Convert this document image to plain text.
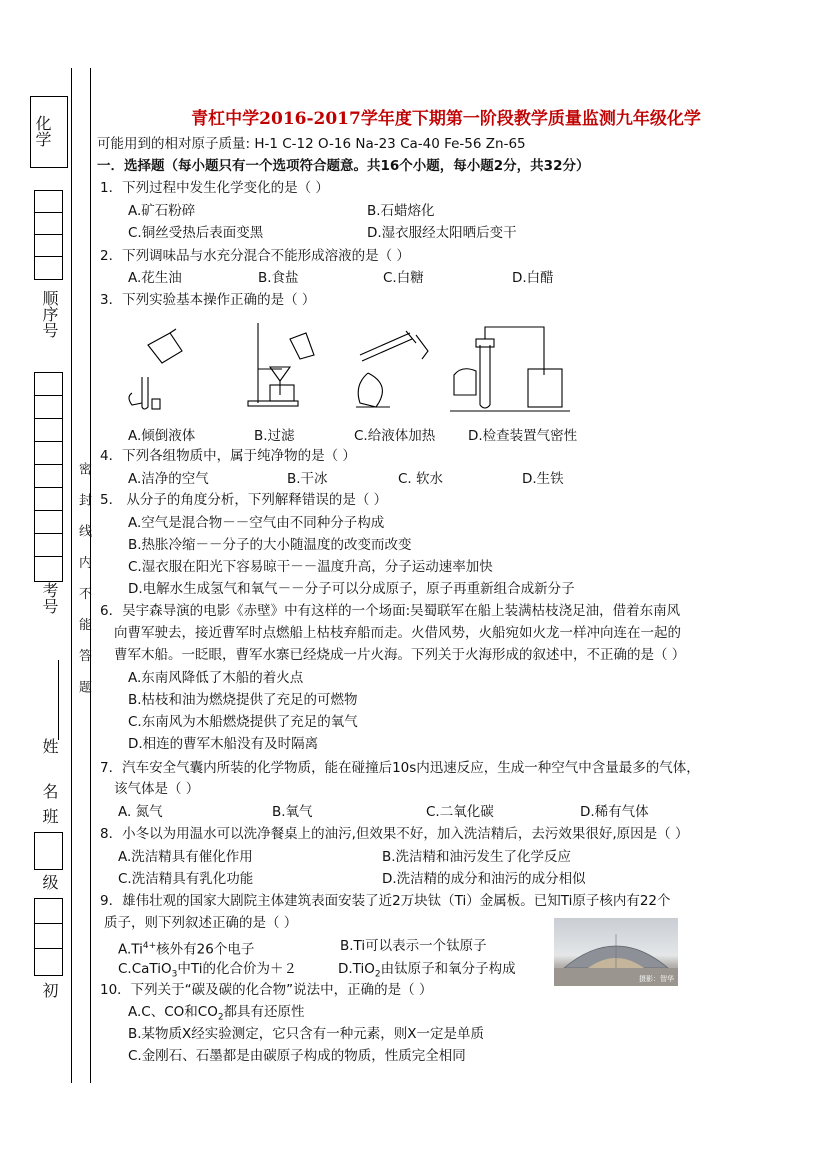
化学
顺序号
考号 密 封 线 内 不 能 答 题
姓 名
班
级
初
青杠中学2016-2017学年度下期第一阶段教学质量监测九年级化学
可能用到的相对原子质量: H-1 C-12 O-16 Na-23 Ca-40 Fe-56 Zn-65
一．选择题（每小题只有一个选项符合题意。共16个小题，每小题2分，共32分）
1．下列过程中发生化学变化的是（ ）
A.矿石粉碎	B.石蜡熔化
C.铜丝受热后表面变黑	D.湿衣服经太阳晒后变干
2．下列调味品与水充分混合不能形成溶液的是（ ）
A.花生油	B.食盐	C.白糖	D.白醋
3．下列实验基本操作正确的是（ ）
A.倾倒液体	B.过滤	C.给液体加热 D.检查装置气密性
4．下列各组物质中，属于纯净物的是（ ）
A.洁净的空气	B.干冰	C. 软水	D.生铁
5． 从分子的角度分析，下列解释错误的是（ ）
A.空气是混合物－－空气由不同种分子构成
B.热胀冷缩－－分子的大小随温度的改变而改变
C.湿衣服在阳光下容易晾干－－温度升高，分子运动速率加快
D.电解水生成氢气和氧气－－分子可以分成原子，原子再重新组合成新分子
6．吴宇森导演的电影《赤壁》中有这样的一个场面:吴蜀联军在船上装满枯枝浇足油，借着东南风
向曹军驶去，接近曹军时点燃船上枯枝弃船而走。火借风势，火船宛如火龙一样冲向连在一起的
曹军木船。一眨眼，曹军水寨已经烧成一片火海。下列关于火海形成的叙述中，不正确的是（ ）
A.东南风降低了木船的着火点
B.枯枝和油为燃烧提供了充足的可燃物
C.东南风为木船燃烧提供了充足的氧气
D.相连的曹军木船没有及时隔离
7．汽车安全气囊内所装的化学物质，能在碰撞后10s内迅速反应，生成一种空气中含量最多的气体，
该气体是（ ）
A. 氮气	B.氧气	C.二氧化碳	D.稀有气体
8．小冬以为用温水可以洗净餐桌上的油污,但效果不好，加入洗洁精后，去污效果很好,原因是（ ）
A.洗洁精具有催化作用	B.洗洁精和油污发生了化学反应
C.洗洁精具有乳化功能	D.洗洁精的成分和油污的成分相似
9．雄伟壮观的国家大剧院主体建筑表面安装了近2万块钛（Ti）金属板。已知Ti原子核内有22个
质子，则下列叙述正确的是（ ）
$A.Ti^{4+}$核外有26个电子	B.Ti可以表示一个钛原子
C.CaTiO$_3$中Ti的化合价为＋２	D.TiO$_2$由钛原子和氧分子构成
摄影：智华
10．下列关于“碳及碳的化合物”说法中，正确的是（ ）
A.C、CO和$CO_2$都具有还原性
B.某物质X经实验测定，它只含有一种元素，则X一定是单质
C.金刚石、石墨都是由碳原子构成的物质，性质完全相同
